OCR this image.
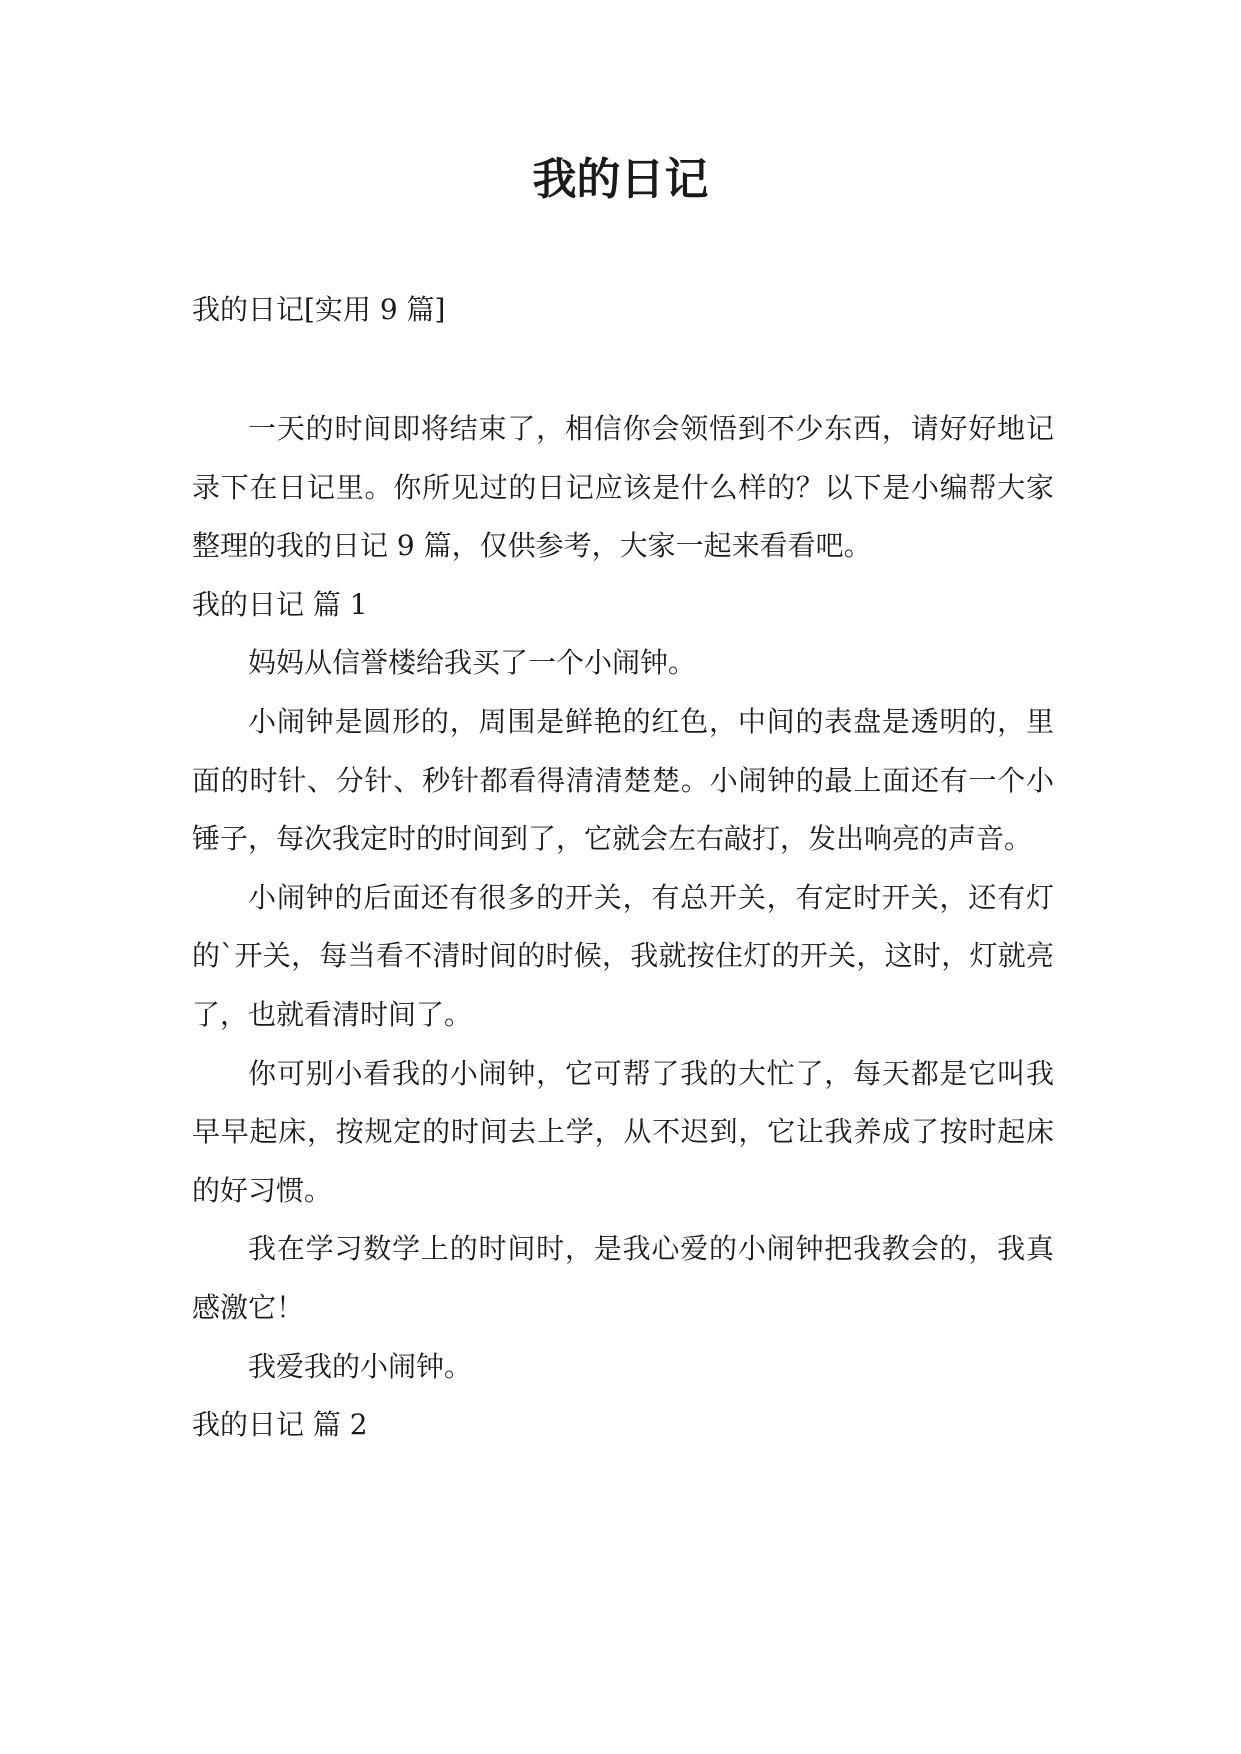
我的日记
我的日记[实用 9 篇]

一天的时间即将结束了，相信你会领悟到不少东西，请好好地记录下在日记里。你所见过的日记应该是什么样的？以下是小编帮大家整理的我的日记 9 篇，仅供参考，大家一起来看看吧。

我的日记 篇 1

妈妈从信誉楼给我买了一个小闹钟。

小闹钟是圆形的，周围是鲜艳的红色，中间的表盘是透明的，里面的时针、分针、秒针都看得清清楚楚。小闹钟的最上面还有一个小锤子，每次我定时的时间到了，它就会左右敲打，发出响亮的声音。

小闹钟的后面还有很多的开关，有总开关，有定时开关，还有灯的`开关，每当看不清时间的时候，我就按住灯的开关，这时，灯就亮了，也就看清时间了。

你可别小看我的小闹钟，它可帮了我的大忙了，每天都是它叫我早早起床，按规定的时间去上学，从不迟到，它让我养成了按时起床的好习惯。

我在学习数学上的时间时，是我心爱的小闹钟把我教会的，我真感激它！

我爱我的小闹钟。

我的日记 篇 2
